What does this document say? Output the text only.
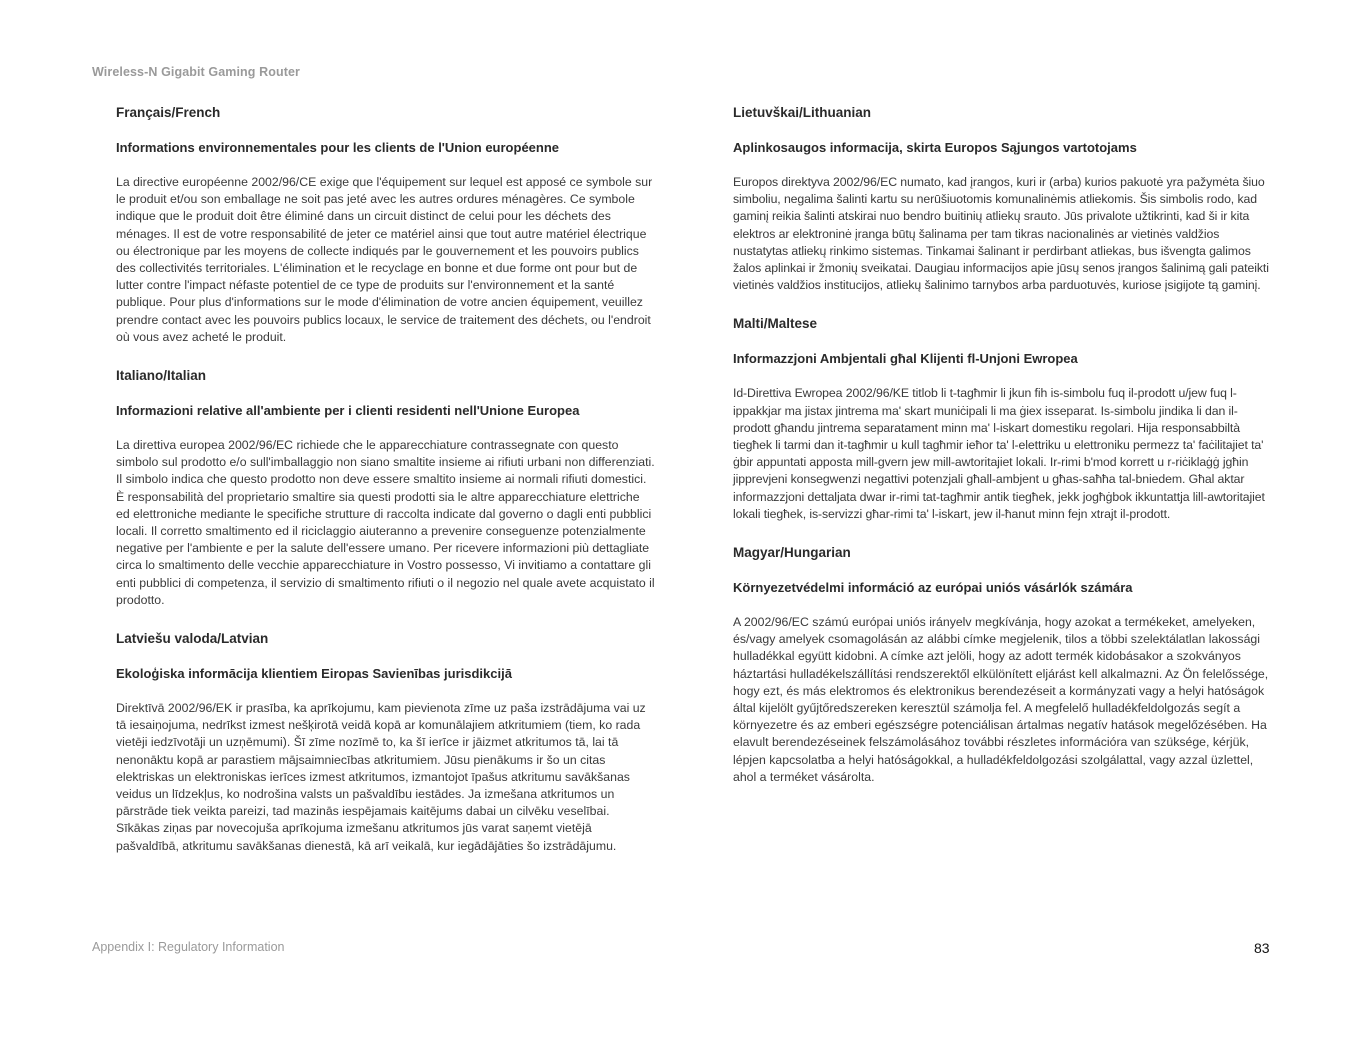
Wireless-N Gigabit Gaming Router

Français/French

Informations environnementales pour les clients de l'Union européenne

La directive européenne 2002/96/CE exige que l'équipement sur lequel est apposé ce symbole sur le produit et/ou son emballage ne soit pas jeté avec les autres ordures ménagères. Ce symbole indique que le produit doit être éliminé dans un circuit distinct de celui pour les déchets des ménages. Il est de votre responsabilité de jeter ce matériel ainsi que tout autre matériel électrique ou électronique par les moyens de collecte indiqués par le gouvernement et les pouvoirs publics des collectivités territoriales. L'élimination et le recyclage en bonne et due forme ont pour but de lutter contre l'impact néfaste potentiel de ce type de produits sur l'environnement et la santé publique. Pour plus d'informations sur le mode d'élimination de votre ancien équipement, veuillez prendre contact avec les pouvoirs publics locaux, le service de traitement des déchets, ou l'endroit où vous avez acheté le produit.

Italiano/Italian

Informazioni relative all'ambiente per i clienti residenti nell'Unione Europea

La direttiva europea 2002/96/EC richiede che le apparecchiature contrassegnate con questo simbolo sul prodotto e/o sull'imballaggio non siano smaltite insieme ai rifiuti urbani non differenziati. Il simbolo indica che questo prodotto non deve essere smaltito insieme ai normali rifiuti domestici. È responsabilità del proprietario smaltire sia questi prodotti sia le altre apparecchiature elettriche ed elettroniche mediante le specifiche strutture di raccolta indicate dal governo o dagli enti pubblici locali. Il corretto smaltimento ed il riciclaggio aiuteranno a prevenire conseguenze potenzialmente negative per l'ambiente e per la salute dell'essere umano. Per ricevere informazioni più dettagliate circa lo smaltimento delle vecchie apparecchiature in Vostro possesso, Vi invitiamo a contattare gli enti pubblici di competenza, il servizio di smaltimento rifiuti o il negozio nel quale avete acquistato il prodotto.

Latviešu valoda/Latvian

Ekoloģiska informācija klientiem Eiropas Savienības jurisdikcijā

Direktīvā 2002/96/EK ir prasība, ka aprīkojumu, kam pievienota zīme uz paša izstrādājuma vai uz tā iesaiņojuma, nedrīkst izmest nešķirotā veidā kopā ar komunālajiem atkritumiem (tiem, ko rada vietēji iedzīvotāji un uzņēmumi). Šī zīme nozīmē to, ka šī ierīce ir jāizmet atkritumos tā, lai tā nenonāktu kopā ar parastiem mājsaimniecības atkritumiem. Jūsu pienākums ir šo un citas elektriskas un elektroniskas ierīces izmest atkritumos, izmantojot īpašus atkritumu savākšanas veidus un līdzekļus, ko nodrošina valsts un pašvaldību iestādes. Ja izmešana atkritumos un pārstrāde tiek veikta pareizi, tad mazinās iespējamais kaitējums dabai un cilvēku veselībai. Sīkākas ziņas par novecojuša aprīkojuma izmešanu atkritumos jūs varat saņemt vietējā pašvaldībā, atkritumu savākšanas dienestā, kā arī veikalā, kur iegādājāties šo izstrādājumu.

Lietuvškai/Lithuanian

Aplinkosaugos informacija, skirta Europos Sąjungos vartotojams

Europos direktyva 2002/96/EC numato, kad įrangos, kuri ir (arba) kurios pakuotė yra pažymėta šiuo simboliu, negalima šalinti kartu su nerūšiuotomis komunalinėmis atliekomis. Šis simbolis rodo, kad gaminį reikia šalinti atskirai nuo bendro buitinių atliekų srauto. Jūs privalote užtikrinti, kad ši ir kita elektros ar elektroninė įranga būtų šalinama per tam tikras nacionalinės ar vietinės valdžios nustatytas atliekų rinkimo sistemas. Tinkamai šalinant ir perdirbant atliekas, bus išvengta galimos žalos aplinkai ir žmonių sveikatai. Daugiau informacijos apie jūsų senos įrangos šalinimą gali pateikti vietinės valdžios institucijos, atliekų šalinimo tarnybos arba parduotuvės, kuriose įsigijote tą gaminį.

Malti/Maltese

Informazzjoni Ambjentali għal Klijenti fl-Unjoni Ewropea

Id-Direttiva Ewropea 2002/96/KE titlob li t-tagħmir li jkun fih is-simbolu fuq il-prodott u/jew fuq l-ippakkjar ma jistax jintrema ma' skart muniċipali li ma ġiex isseparat. Is-simbolu jindika li dan il-prodott għandu jintrema separatament minn ma' l-iskart domestiku regolari. Hija responsabbiltà tiegħek li tarmi dan it-tagħmir u kull tagħmir ieħor ta' l-elettriku u elettroniku permezz ta' faċilitajiet ta' ġbir appuntati apposta mill-gvern jew mill-awtoritajiet lokali. Ir-rimi b'mod korrett u r-riċiklaġġ jgħin jipprevjeni konsegwenzi negattivi potenzjali għall-ambjent u għas-saħħa tal-bniedem. Għal aktar informazzjoni dettaljata dwar ir-rimi tat-tagħmir antik tiegħek, jekk jogħġbok ikkuntattja lill-awtoritajiet lokali tiegħek, is-servizzi għar-rimi ta' l-iskart, jew il-ħanut minn fejn xtrajt il-prodott.

Magyar/Hungarian

Környezetvédelmi információ az európai uniós vásárlók számára

A 2002/96/EC számú európai uniós irányelv megkívánja, hogy azokat a termékeket, amelyeken, és/vagy amelyek csomagolásán az alábbi címke megjelenik, tilos a többi szelektálatlan lakossági hulladékkal együtt kidobni. A címke azt jelöli, hogy az adott termék kidobásakor a szokványos háztartási hulladékelszállítási rendszerektől elkülönített eljárást kell alkalmazni. Az Ön felelőssége, hogy ezt, és más elektromos és elektronikus berendezéseit a kormányzati vagy a helyi hatóságok által kijelölt gyűjtőredszereken keresztül számolja fel. A megfelelő hulladékfeldolgozás segít a környezetre és az emberi egészségre potenciálisan ártalmas negatív hatások megelőzésében. Ha elavult berendezéseinek felszámolásához további részletes információra van szüksége, kérjük, lépjen kapcsolatba a helyi hatóságokkal, a hulladékfeldolgozási szolgálattal, vagy azzal üzlettel, ahol a terméket vásárolta.

Appendix I: Regulatory Information	83
